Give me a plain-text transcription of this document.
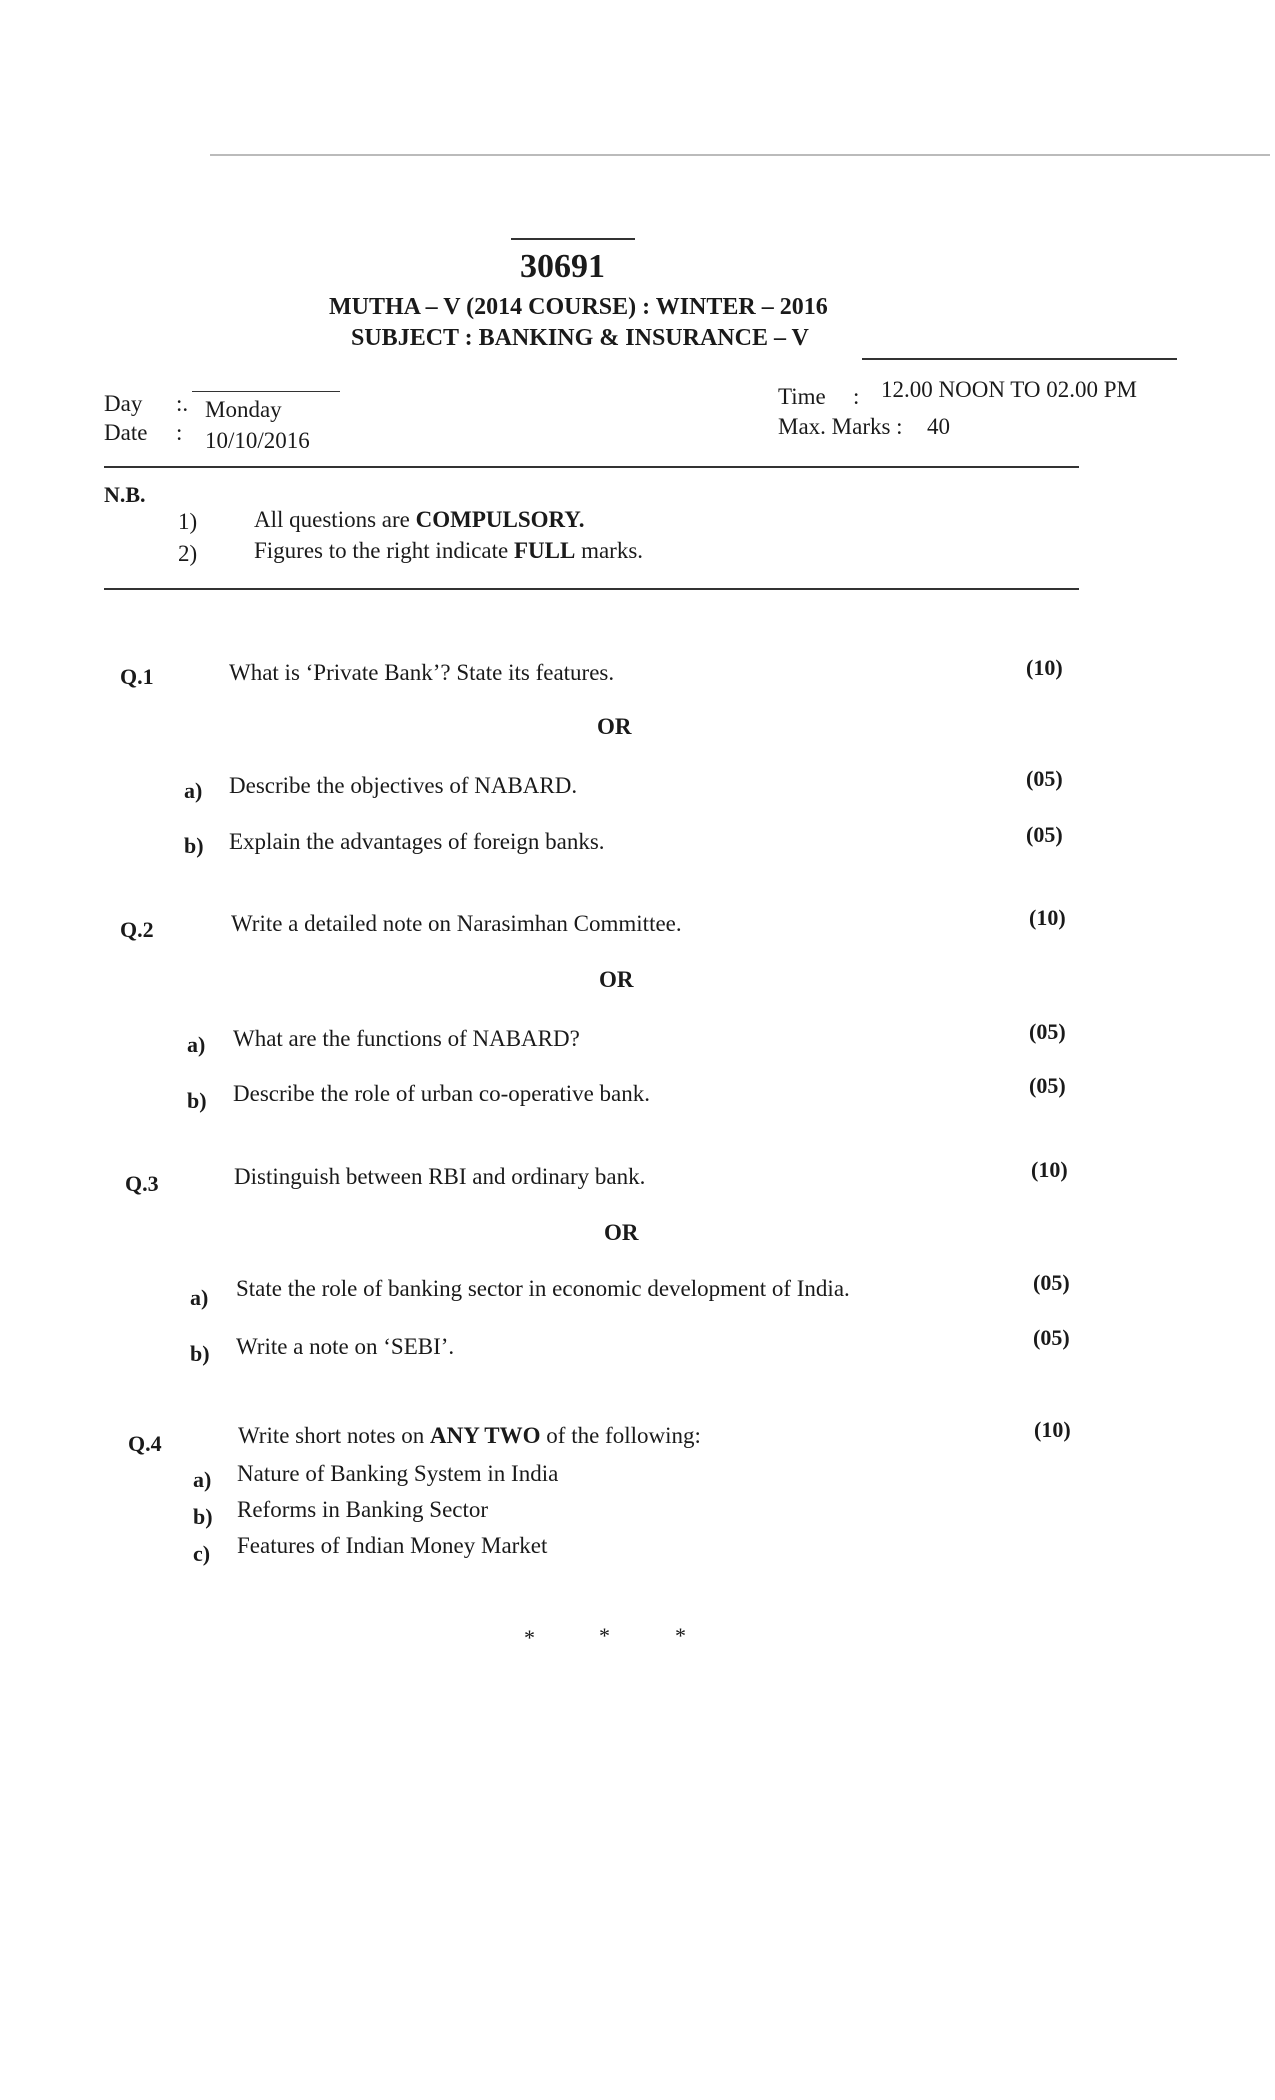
30691
MUTHA – V (2014 COURSE) : WINTER – 2016
SUBJECT : BANKING & INSURANCE – V
Day :. Monday
Date : 10/10/2016
Time : 12.00 NOON TO 02.00 PM
Max. Marks : 40
N.B.
1) All questions are COMPULSORY.
2) Figures to the right indicate FULL marks.
Q.1	What is ‘Private Bank’? State its features.	(10)
OR
a) Describe the objectives of NABARD.	(05)
b) Explain the advantages of foreign banks.	(05)
Q.2	Write a detailed note on Narasimhan Committee.	(10)
OR
a) What are the functions of NABARD?	(05)
b) Describe the role of urban co-operative bank.	(05)
Q.3	Distinguish between RBI and ordinary bank.	(10)
OR
a) State the role of banking sector in economic development of India.	(05)
b) Write a note on ‘SEBI’.	(05)
Q.4	Write short notes on ANY TWO of the following:	(10)
a) Nature of Banking System in India
b) Reforms in Banking Sector
c) Features of Indian Money Market
*	*	*
